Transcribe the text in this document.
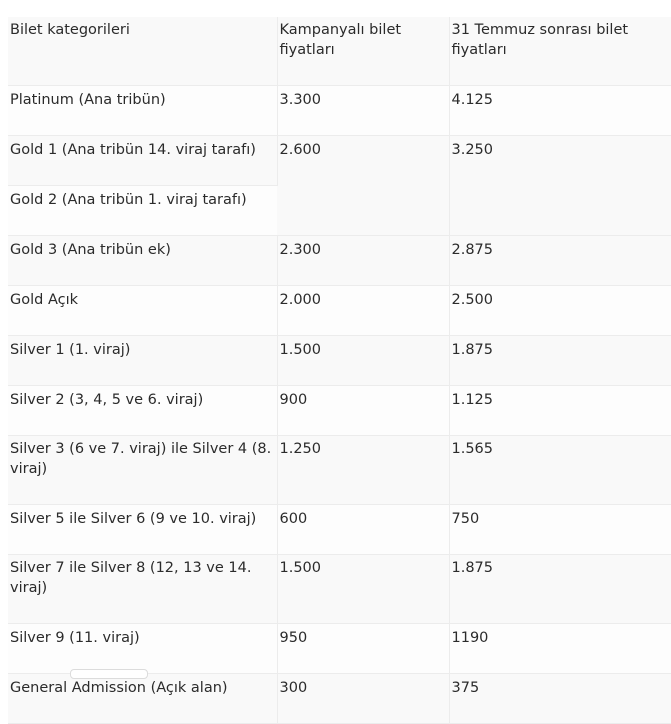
Bilet kategorileri	Kampanyalı bilet fiyatları	31 Temmuz sonrası bilet fiyatları
Platinum (Ana tribün)	3.300	4.125
Gold 1 (Ana tribün 14. viraj tarafı)	2.600	3.250
Gold 2 (Ana tribün 1. viraj tarafı)		
Gold 3 (Ana tribün ek)	2.300	2.875
Gold Açık	2.000	2.500
Silver 1 (1. viraj)	1.500	1.875
Silver 2 (3, 4, 5 ve 6. viraj)	900	1.125
Silver 3 (6 ve 7. viraj) ile Silver 4 (8. viraj)	1.250	1.565
Silver 5 ile Silver 6 (9 ve 10. viraj)	600	750
Silver 7 ile Silver 8 (12, 13 ve 14. viraj)	1.500	1.875
Silver 9 (11. viraj)	950	1190
General Admission (Açık alan)	300	375
